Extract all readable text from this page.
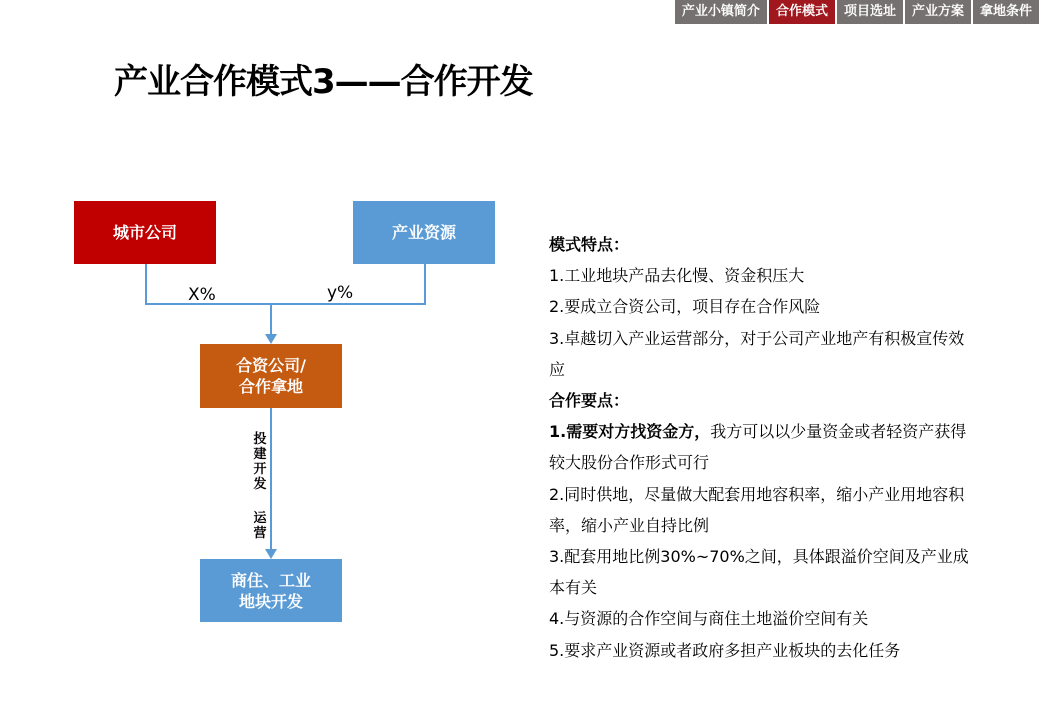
产业小镇简介	合作模式	项目选址	产业方案	拿地条件
产业合作模式3——合作开发
城市公司	产业资源
X%	y%
合资公司/
合作拿地
投
建
开
发
运
营
商住、工业
地块开发

模式特点：

1.工业地块产品去化慢、资金积压大

2.要成立合资公司，项目存在合作风险

3.卓越切入产业运营部分，对于公司产业地产有积极宣传效应

合作要点：

1.需要对方找资金方，我方可以以少量资金或者轻资产获得较大股份合作形式可行

2.同时供地，尽量做大配套用地容积率，缩小产业用地容积率，缩小产业自持比例

3.配套用地比例30%~70%之间，具体跟溢价空间及产业成本有关

4.与资源的合作空间与商住土地溢价空间有关

5.要求产业资源或者政府多担产业板块的去化任务
